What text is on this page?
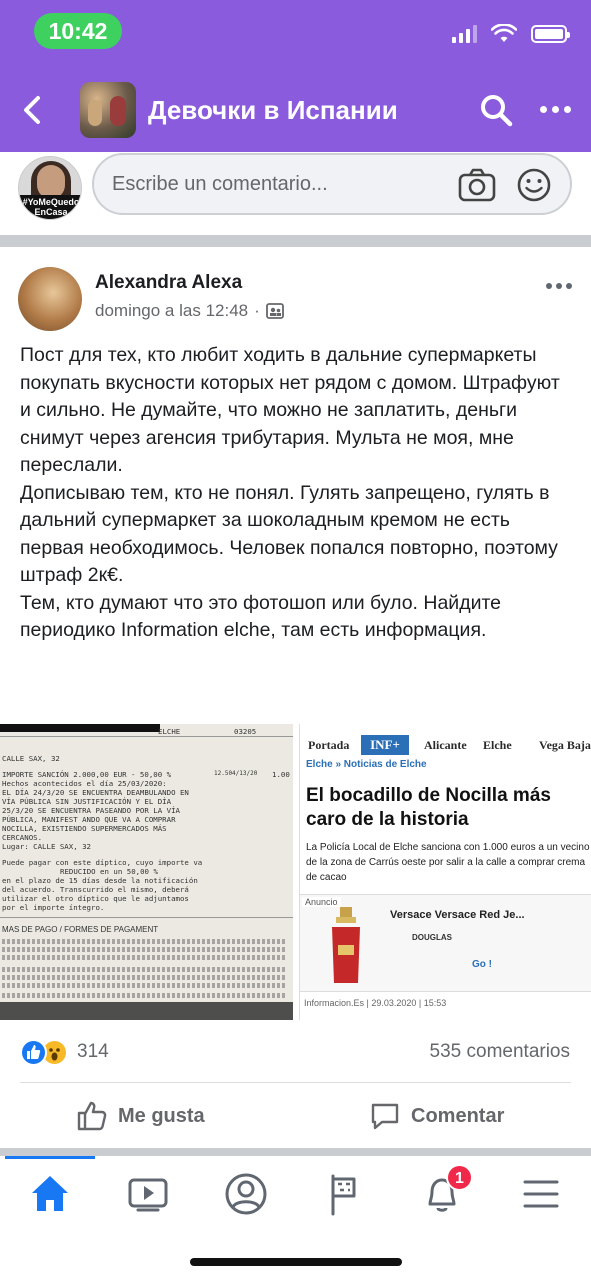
10:42
Девочки в Испании
#YoMeQuedo EnCasa
Escribe un comentario...
Alexandra Alexa
domingo a las 12:48 ·

Пост для тех, кто любит ходить в дальние супермаркеты покупать вкусности которых нет рядом с домом. Штрафуют и сильно. Не думайте, что можно не заплатить, деньги снимут через агенсия трибутария. Мульта не моя, мне переслали.

Дописываю тем, кто не понял. Гулять запрещено, гулять в дальний супермаркет за шоколадным кремом не есть первая необходимось. Человек попался повторно, поэтому штраф 2к€.

Тем, кто думают что это фотошоп или було. Найдите периодико Information elche, там есть информация.

ELCHE	03205
CALLE SAX, 32
IMPORTE SANCIÓN 2.000,00 EUR - 50,00 %	12.504/13/20 1.00
Hechos acontecidos el día 25/03/2020:
EL DÍA 24/3/20 SE ENCUENTRA DEAMBULANDO EN
VÍA PÚBLICA SIN JUSTIFICACIÓN Y EL DÍA
25/3/20 SE ENCUENTRA PASEANDO POR LA VÍA
PÚBLICA, MANIFEST ANDO QUE VA A COMPRAR
NOCILLA, EXISTIENDO SUPERMERCADOS MÁS
CERCANOS.
Lugar: CALLE SAX, 32
Puede pagar con este díptico, cuyo importe va
REDUCIDO en un 50,00 %
en el plazo de 15 días desde la notificación
del acuerdo. Transcurrido el mismo, deberá
utilizar el otro díptico que le adjuntamos
por el importe íntegro.
MAS DE PAGO / FORMES DE PAGAMENT
Portada	INF+	Alicante Elche Vega Baja
Elche » Noticias de Elche
El bocadillo de Nocilla más caro de la historia
La Policía Local de Elche sanciona con 1.000 euros a un vecino de la zona de Carrús oeste por salir a la calle a comprar crema de cacao
Anuncio
Versace Versace Red Je...
DOUGLAS
Go !
Informacion.Es | 29.03.2020 | 15:53
314	535 comentarios
Me gusta	Comentar
1
